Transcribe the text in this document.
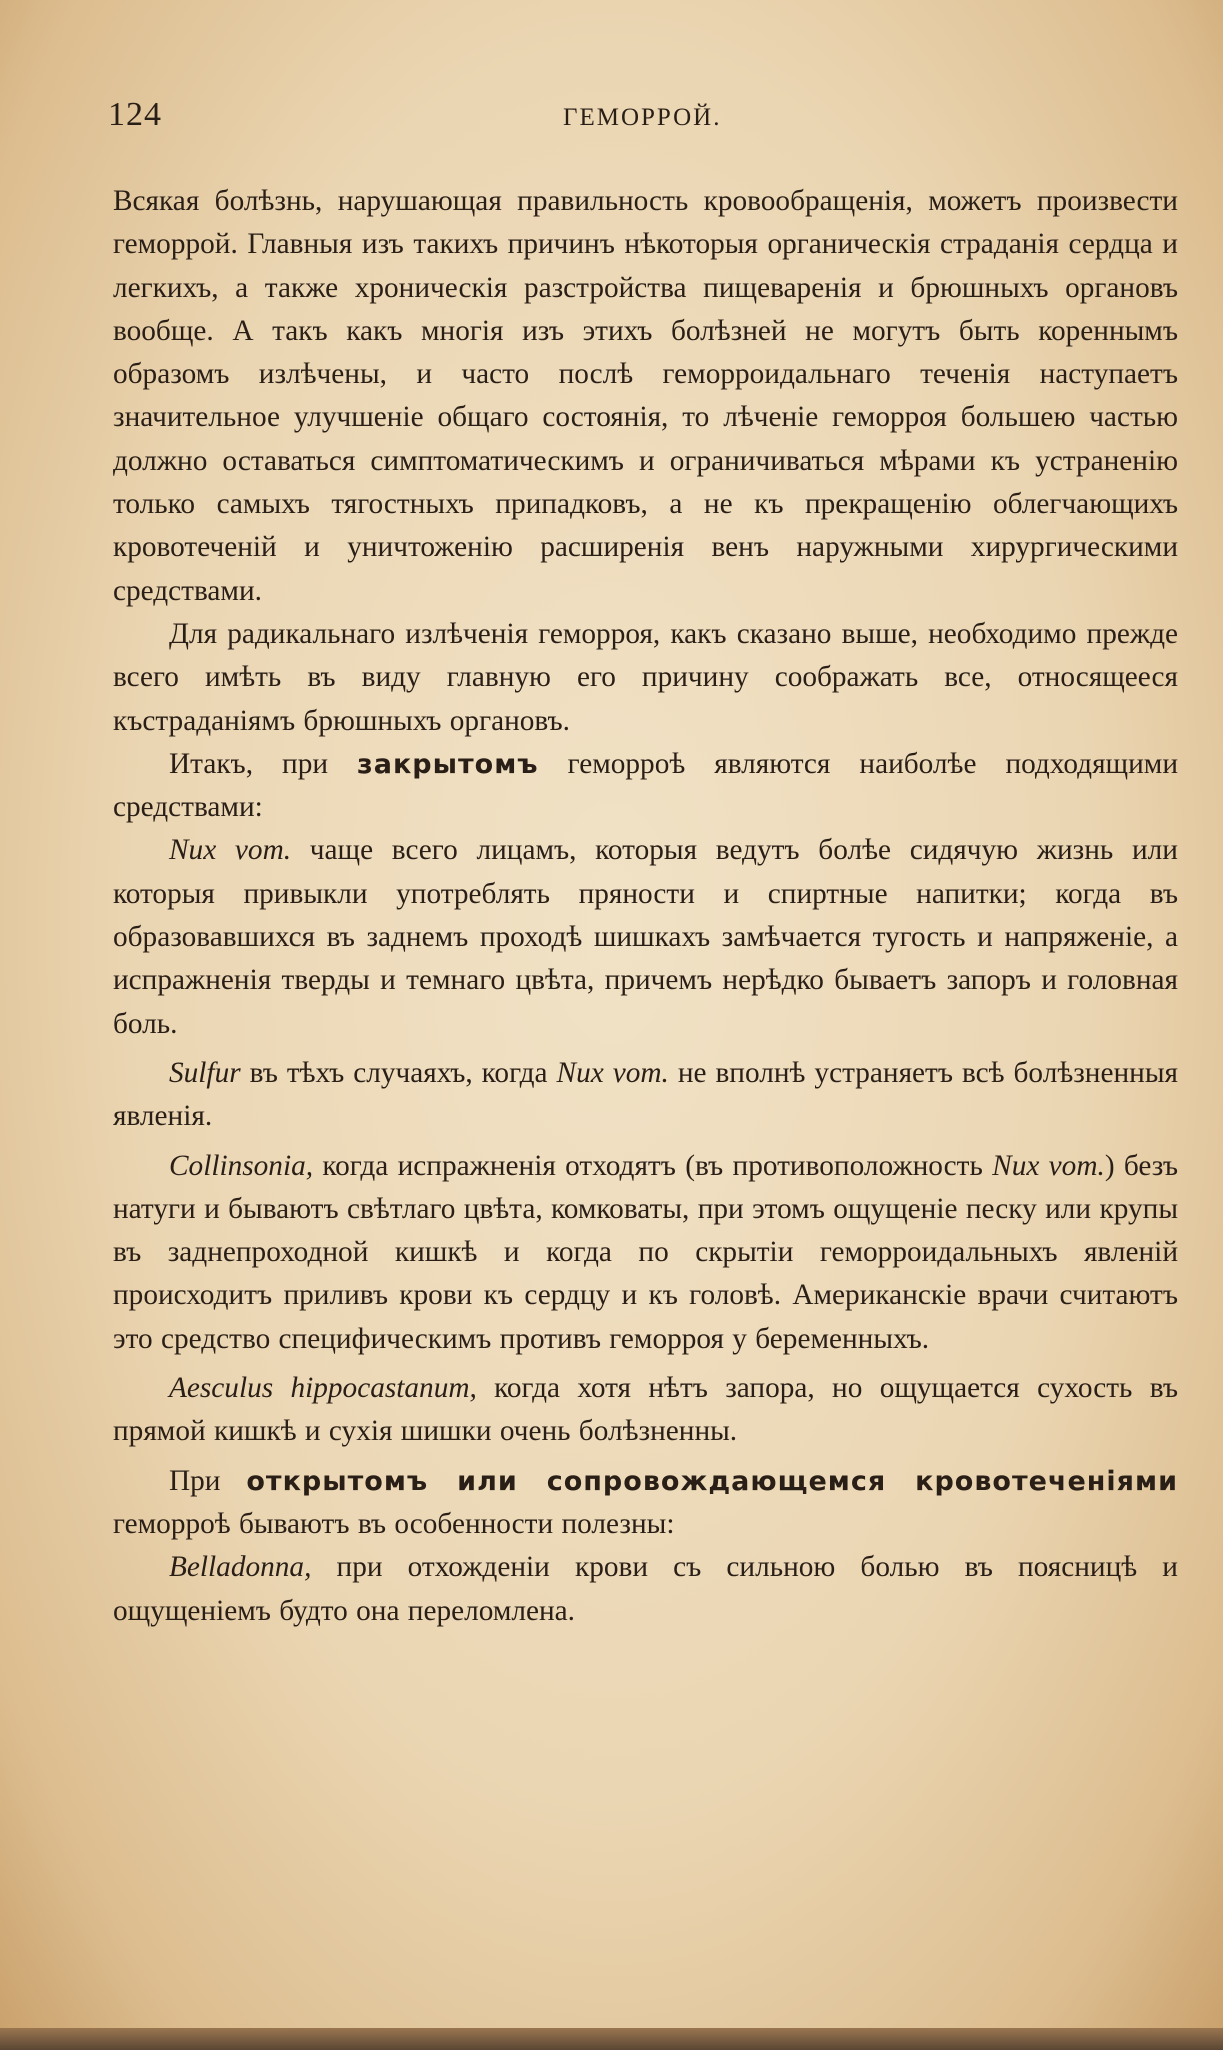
124	ГЕМОРРОЙ.

Всякая болѣзнь, нарушающая правильность кровообращенія, можетъ произвести геморрой. Главныя изъ такихъ причинъ нѣкоторыя органическія страданія сердца и легкихъ, а также хроническія разстройства пищеваренія и брюшныхъ органовъ вообще. А такъ какъ многія изъ этихъ болѣзней не могутъ быть кореннымъ образомъ излѣчены, и часто послѣ геморроидальнаго теченія наступаетъ значительное улучшеніе общаго состоянія, то лѣченіе геморроя большею частью должно оставаться симптоматическимъ и ограничиваться мѣрами къ устраненію только самыхъ тягостныхъ припадковъ, а не къ прекращенію облегчающихъ кровотеченій и уничтоженію расширенія венъ наружными хирургическими средствами.

Для радикальнаго излѣченія геморроя, какъ сказано выше, необходимо прежде всего имѣть въ виду главную его причину соображать все, относящееся къстраданіямъ брюшныхъ органовъ.

Итакъ, при закрытомъ геморроѣ являются наиболѣе подходящими средствами:

Nux vom. чаще всего лицамъ, которыя ведутъ болѣе сидячую жизнь или которыя привыкли употреблять пряности и спиртные напитки; когда въ образовавшихся въ заднемъ проходѣ шишкахъ замѣчается тугость и напряженіе, а испражненія тверды и темнаго цвѣта, причемъ нерѣдко бываетъ запоръ и головная боль.

Sulfur въ тѣхъ случаяхъ, когда Nux vom. не вполнѣ устраняетъ всѣ болѣзненныя явленія.

Collinsonia, когда испражненія отходятъ (въ противоположность Nux vom.) безъ натуги и бываютъ свѣтлаго цвѣта, комковаты, при этомъ ощущеніе песку или крупы въ заднепроходной кишкѣ и когда по скрытіи геморроидальныхъ явленій происходитъ приливъ крови къ сердцу и къ головѣ. Американскіе врачи считаютъ это средство специфическимъ противъ геморроя у беременныхъ.

Aesculus hippocastanum, когда хотя нѣтъ запора, но ощущается сухость въ прямой кишкѣ и сухія шишки очень болѣзненны.

При открытомъ или сопровождающемся кровотеченіями геморроѣ бываютъ въ особенности полезны:

Belladonna, при отхожденіи крови съ сильною болью въ поясницѣ и ощущеніемъ будто она переломлена.
